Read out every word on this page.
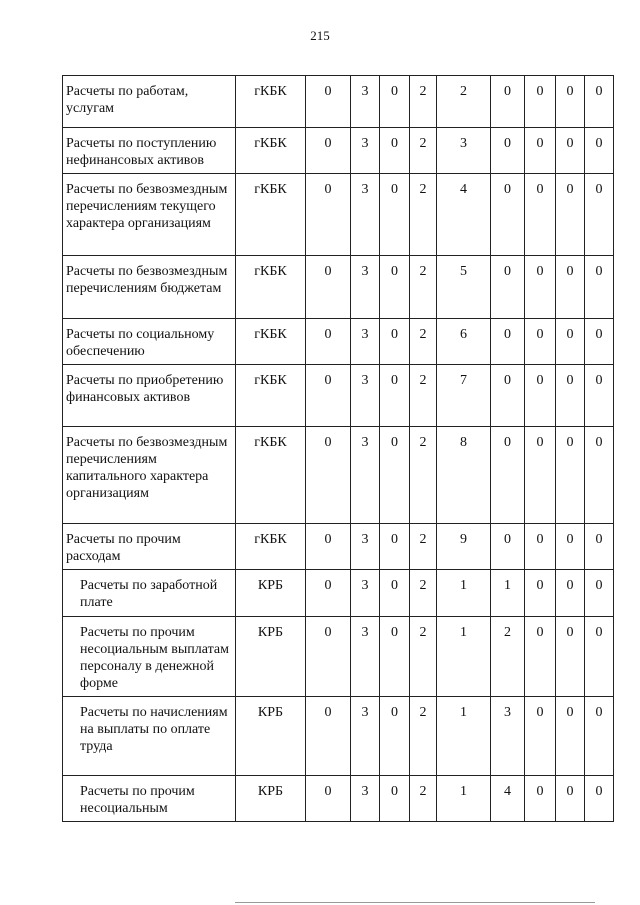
215
Расчеты по работам, услугам	гКБК	0	3	0	2	2	0	0	0	0
Расчеты по поступлению нефинансовых активов	гКБК	0	3	0	2	3	0	0	0	0
Расчеты по безвозмездным перечислениям текущего характера организациям	гКБК	0	3	0	2	4	0	0	0	0
Расчеты по безвозмездным перечислениям бюджетам	гКБК	0	3	0	2	5	0	0	0	0
Расчеты по социальному обеспечению	гКБК	0	3	0	2	6	0	0	0	0
Расчеты по приобретению финансовых активов	гКБК	0	3	0	2	7	0	0	0	0
Расчеты по безвозмездным перечислениям капитального характера организациям	гКБК	0	3	0	2	8	0	0	0	0
Расчеты по прочим расходам	гКБК	0	3	0	2	9	0	0	0	0
Расчеты по заработной плате	КРБ	0	3	0	2	1	1	0	0	0
Расчеты по прочим несоциальным выплатам персоналу в денежной форме	КРБ	0	3	0	2	1	2	0	0	0
Расчеты по начислениям на выплаты по оплате труда	КРБ	0	3	0	2	1	3	0	0	0
Расчеты по прочим несоциальным	КРБ	0	3	0	2	1	4	0	0	0
